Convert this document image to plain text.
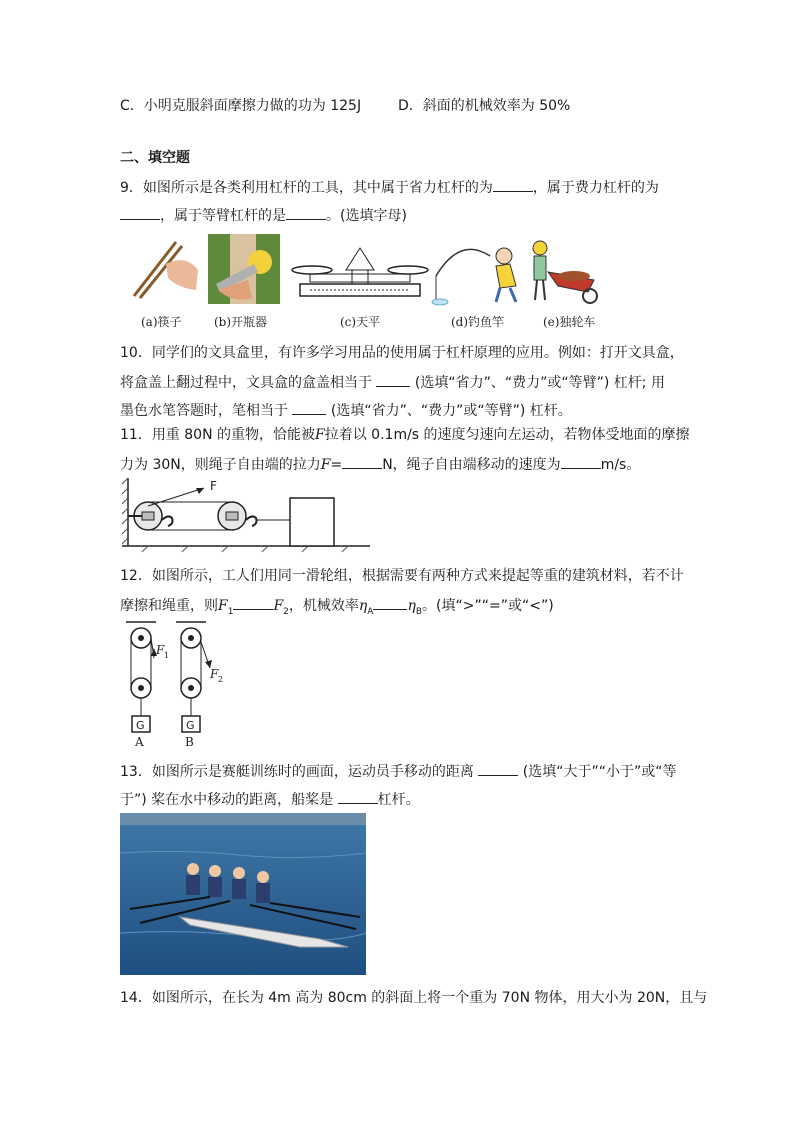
C．小明克服斜面摩擦力做的功为 125J	D．斜面的机械效率为 50%
二、填空题
9．如图所示是各类利用杠杆的工具，其中属于省力杠杆的为	，属于费力杠杆的为
，属于等臂杠杆的是	。(选填字母)
(a)筷子	(b)开瓶器	(c)天平	(d)钓鱼竿	(e)独轮车
10．同学们的文具盒里，有许多学习用品的使用属于杠杆原理的应用。例如：打开文具盒，
将盒盖上翻过程中，文具盒的盒盖相当于	(选填“省力”、“费力”或“等臂”) 杠杆; 用
墨色水笔答题时，笔相当于	(选填“省力”、“费力”或“等臂”) 杠杆。
11．用重 80N 的重物，恰能被F拉着以 0.1m/s 的速度匀速向左运动，若物体受地面的摩擦
力为 30N，则绳子自由端的拉力F=	N，绳子自由端移动的速度为	m/s。
F
12．如图所示，工人们用同一滑轮组，根据需要有两种方式来提起等重的建筑材料，若不计
摩擦和绳重，则$F_1$	$F_2$，机械效率$\eta_A$ $\eta_B$。(填“>”“=”或“<”)
F 1
G
A
F 2
G
B
13．如图所示是赛艇训练时的画面，运动员手移动的距离	(选填“大于”“小于”或“等
于”) 桨在水中移动的距离，船桨是	杠杆。
14．如图所示，在长为 4m 高为 80cm 的斜面上将一个重为 70N 物体，用大小为 20N，且与
